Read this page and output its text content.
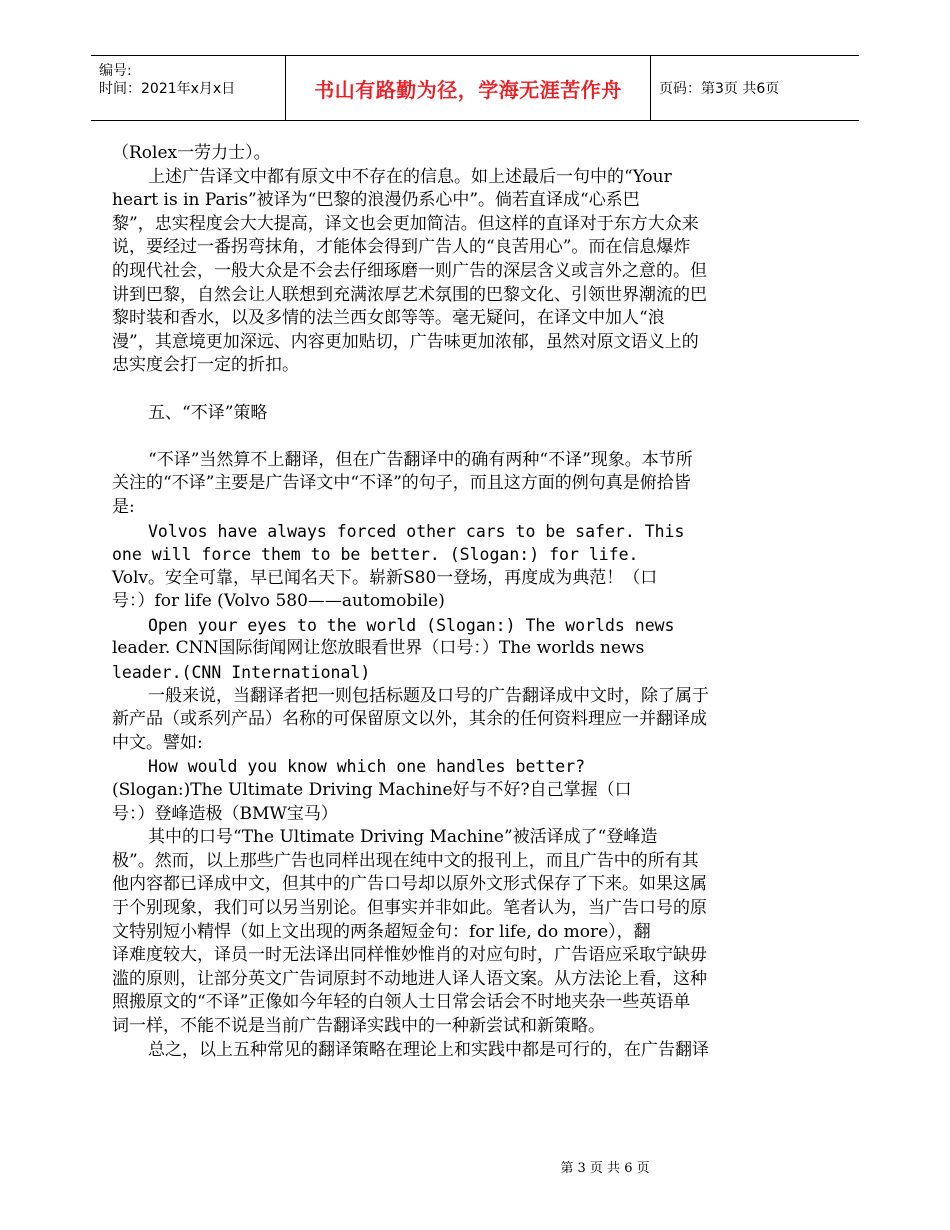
编号:
时间：2021年x月x日	书山有路勤为径，学海无涯苦作舟	页码：第3页 共6页
（Rolex一劳力士）。
上述广告译文中都有原文中不存在的信息。如上述最后一句中的“Your
heart is in Paris”被译为“巴黎的浪漫仍系心中”。倘若直译成“心系巴
黎”，忠实程度会大大提高，译文也会更加简洁。但这样的直译对于东方大众来
说，要经过一番拐弯抹角，才能体会得到广告人的“良苦用心”。而在信息爆炸
的现代社会，一般大众是不会去仔细琢磨一则广告的深层含义或言外之意的。但
讲到巴黎，自然会让人联想到充满浓厚艺术氛围的巴黎文化、引领世界潮流的巴
黎时装和香水，以及多情的法兰西女郎等等。毫无疑问，在译文中加人“浪
漫”，其意境更加深远、内容更加贴切，广告味更加浓郁，虽然对原文语义上的
忠实度会打一定的折扣。
五、“不译”策略
“不译”当然算不上翻译，但在广告翻译中的确有两种“不译”现象。本节所
关注的“不译”主要是广告译文中“不译”的句子，而且这方面的例句真是俯拾皆
是:
Volvos have always forced other cars to be safer. This
one will force them to be better. (Slogan:) for life.
Volv。安全可靠，早已闻名天下。崭新S80一登场，再度成为典范！（口
号：）for life (Volvo 580——automobile)
Open your eyes to the world (Slogan:) The worlds news
leader. CNN国际街闻网让您放眼看世界（口号：）The worlds news
leader.(CNN International)
一般来说，当翻译者把一则包括标题及口号的广告翻译成中文时，除了属于
新产品（或系列产品）名称的可保留原文以外，其余的任何资料理应一并翻译成
中文。譬如:
How would you know which one handles better?
(Slogan:)The Ultimate Driving Machine好与不好?自己掌握（口
号：）登峰造极（BMW宝马）
其中的口号“The Ultimate Driving Machine”被活译成了“登峰造
极”。然而，以上那些广告也同样出现在纯中文的报刊上，而且广告中的所有其
他内容都已译成中文，但其中的广告口号却以原外文形式保存了下来。如果这属
于个别现象，我们可以另当别论。但事实并非如此。笔者认为，当广告口号的原
文特别短小精悍（如上文出现的两条超短金句：for life, do more），翻
译难度较大，译员一时无法译出同样惟妙惟肖的对应句时，广告语应采取宁缺毋
滥的原则，让部分英文广告词原封不动地进人译人语文案。从方法论上看，这种
照搬原文的“不译”正像如今年轻的白领人士日常会话会不时地夹杂一些英语单
词一样，不能不说是当前广告翻译实践中的一种新尝试和新策略。
总之，以上五种常见的翻译策略在理论上和实践中都是可行的，在广告翻译
第 3 页 共 6 页
